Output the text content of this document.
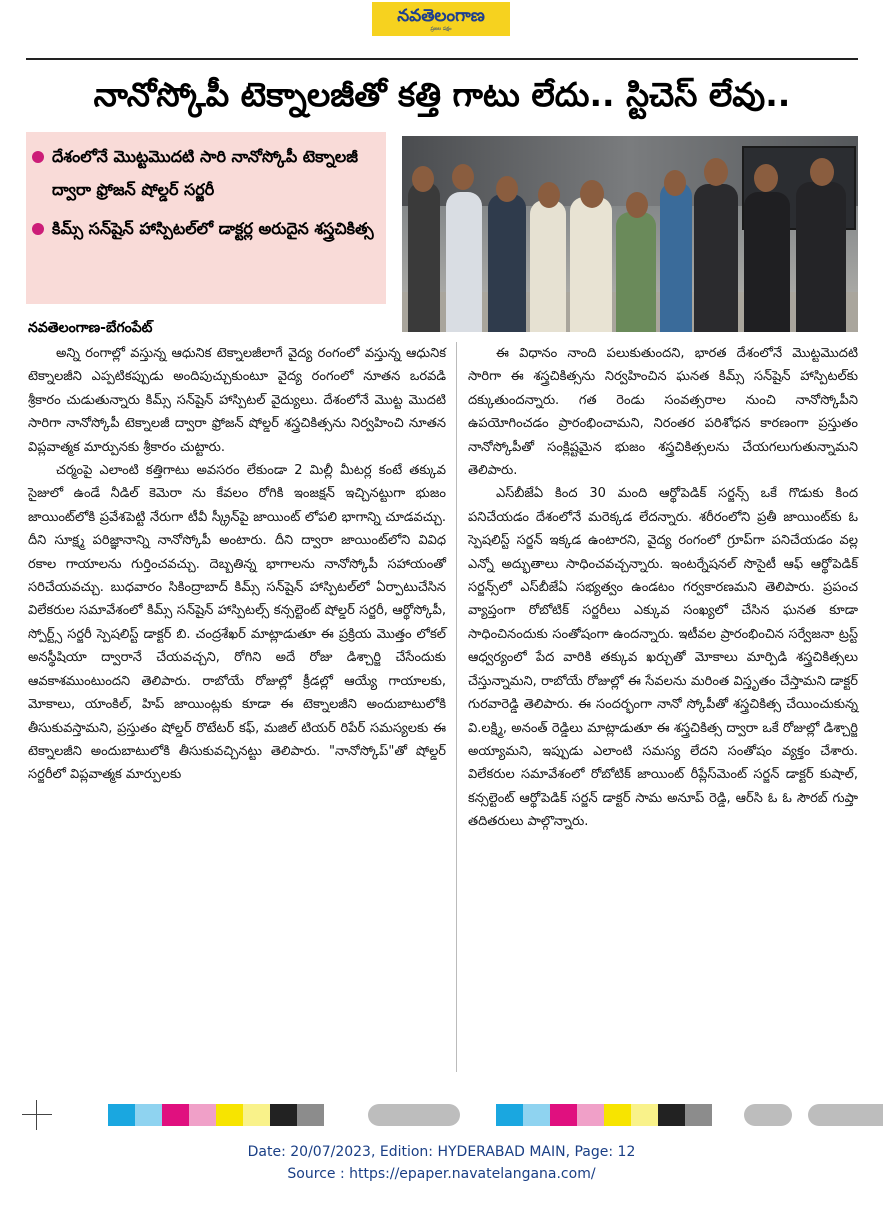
నవతెలంగాణ
ప్రజల పక్షం
నానోస్కోపీ టెక్నాలజీతో కత్తి గాటు లేదు.. స్టిచెస్ లేవు..
దేశంలోనే మొట్టమొదటి సారి నానోస్కోపీ టెక్నాలజీ ద్వారా ఫ్రోజన్ షోల్డర్ సర్జరీ
కిమ్స్ సన్‌షైన్ హాస్పిటల్‌లో డాక్టర్ల అరుదైన శస్త్రచికిత్స
నవతెలంగాణ-బేగంపేట్

అన్ని రంగాల్లో వస్తున్న ఆధునిక టెక్నాలజీలాగే వైద్య రంగంలో వస్తున్న ఆధునిక టెక్నాలజీని ఎప్పటికప్పుడు అందిపుచ్చుకుంటూ వైద్య రంగంలో నూతన ఒరవడి శ్రీకారం చుడుతున్నారు కిమ్స్ సన్‌షైన్ హాస్పిటల్ వైద్యులు. దేశంలోనే మొట్ట మొదటి సారిగా నానోస్కోపీ టెక్నాలజీ ద్వారా ఫ్రోజన్ షోల్డర్ శస్త్రచికిత్సను నిర్వహించి నూతన విప్లవాత్మక మార్పునకు శ్రీకారం చుట్టారు.

చర్మంపై ఎలాంటి కత్తిగాటు అవసరం లేకుండా 2 మిల్లీ మీటర్ల కంటే తక్కువ సైజులో ఉండే నీడిల్ కెమెరా ను కేవలం రోగికి ఇంజక్షన్ ఇచ్చినట్టుగా భుజం జాయింట్‌లోకి ప్రవేశపెట్టి నేరుగా టీవీ స్క్రీన్‌పై జాయింట్ లోపలి భాగాన్ని చూడవచ్చు. దీని సూక్ష్మ పరిజ్ఞానాన్ని నానోస్కోపీ అంటారు. దీని ద్వారా జాయింట్‌లోని వివిధ రకాల గాయాలను గుర్తించవచ్చు. దెబ్బతిన్న భాగాలను నానోస్కోపీ సహాయంతో సరిచేయవచ్చు. బుధవారం సికింద్రాబాద్ కిమ్స్ సన్‌షైన్ హాస్పిటల్‌లో ఏర్పాటుచేసిన విలేకరుల సమావేశంలో కిమ్స్ సన్‌షైన్ హాస్పిటల్స్ కన్సల్టెంట్ షోల్డర్ సర్జరీ, ఆర్థోస్కోపీ, స్పోర్ట్స్ సర్జరీ స్పెషలిస్ట్ డాక్టర్ బి. చంద్రశేఖర్ మాట్లాడుతూ ఈ ప్రక్రియ మొత్తం లోకల్ అనస్థీషియా ద్వారానే చేయవచ్చని, రోగిని అదే రోజు డిశ్చార్జి చేసేందుకు ఆవకాశముంటుందని తెలిపారు. రాబోయే రోజుల్లో క్రీడల్లో ఆయ్యే గాయాలకు, మోకాలు, యాంకిల్, హిప్ జాయింట్లకు కూడా ఈ టెక్నాలజీని అందుబాటులోకి తీసుకువస్తామని, ప్రస్తుతం షోల్డర్ రొటేటర్ కఫ్, మజిల్ టియర్ రిపేర్ సమస్యలకు ఈ టెక్నాలజీని అందుబాటులోకి తీసుకువచ్చినట్టు తెలిపారు. "నానోస్కోప్"తో షోల్డర్ సర్జరీలో విప్లవాత్మక మార్పులకు

ఈ విధానం నాంది పలుకుతుందని, భారత దేశంలోనే మొట్టమొదటి సారిగా ఈ శస్త్రచికిత్సను నిర్వహించిన ఘనత కిమ్స్ సన్‌షైన్ హాస్పిటల్‌కు దక్కుతుందన్నారు. గత రెండు సంవత్సరాల నుంచి నానోస్కోపీని ఉపయోగించడం ప్రారంభించామని, నిరంతర పరిశోధన కారణంగా ప్రస్తుతం నానోస్కోపీతో సంక్లిష్టమైన భుజం శస్త్రచికిత్సలను చేయగలుగుతున్నామని తెలిపారు.

ఎస్‌బీజేఏ కింద 30 మంది ఆర్థోపెడిక్ సర్జన్స్ ఒకే గొడుకు కింద పనిచేయడం దేశంలోనే మరెక్కడ లేదన్నారు. శరీరంలోని ప్రతీ జాయింట్‌కు ఓ స్పెషలిస్ట్ సర్జన్ ఇక్కడ ఉంటారని, వైద్య రంగంలో గ్రూప్‌గా పనిచేయడం వల్ల ఎన్నో అద్భుతాలు సాధించవచ్చన్నారు. ఇంటర్నేషనల్ సొసైటీ ఆఫ్ ఆర్థోపెడిక్ సర్జన్స్‌లో ఎస్‌బీజేఏ సభ్యత్వం ఉండటం గర్వకారణమని తెలిపారు. ప్రపంచ వ్యాప్తంగా రోబోటిక్ సర్జరీలు ఎక్కువ సంఖ్యలో చేసిన ఘనత కూడా సాధించినందుకు సంతోషంగా ఉందన్నారు. ఇటీవల ప్రారంభించిన సర్వేజనా ట్రస్ట్ ఆధ్వర్యంలో పేద వారికి తక్కువ ఖర్చుతో మోకాలు మార్పిడి శస్త్రచికిత్సలు చేస్తున్నామని, రాబోయే రోజుల్లో ఈ సేవలను మరింత విస్తృతం చేస్తామని డాక్టర్ గురవారెడ్డి తెలిపారు. ఈ సందర్భంగా నానో స్కోపీతో శస్త్రచికిత్స చేయించుకున్న వి.లక్ష్మి, అనంత్ రెడ్డిలు మాట్లాడుతూ ఈ శస్త్రచికిత్స ద్వారా ఒకే రోజుల్లో డిశ్చార్జి అయ్యామని, ఇప్పుడు ఎలాంటి సమస్య లేదని సంతోషం వ్యక్తం చేశారు. విలేకరుల సమావేశంలో రోబోటిక్ జాయింట్ రీప్లేస్‌మెంట్ సర్జన్ డాక్టర్ కుషాల్, కన్సల్టెంట్ ఆర్థోపెడిక్ సర్జన్ డాక్టర్ సామ అనూప్ రెడ్డి, ఆర్‌సి ఓ ఓ సౌరబ్ గుప్తా తదితరులు పాల్గొన్నారు.

Date: 20/07/2023, Edition: HYDERABAD MAIN, Page: 12
Source : https://epaper.navatelangana.com/
